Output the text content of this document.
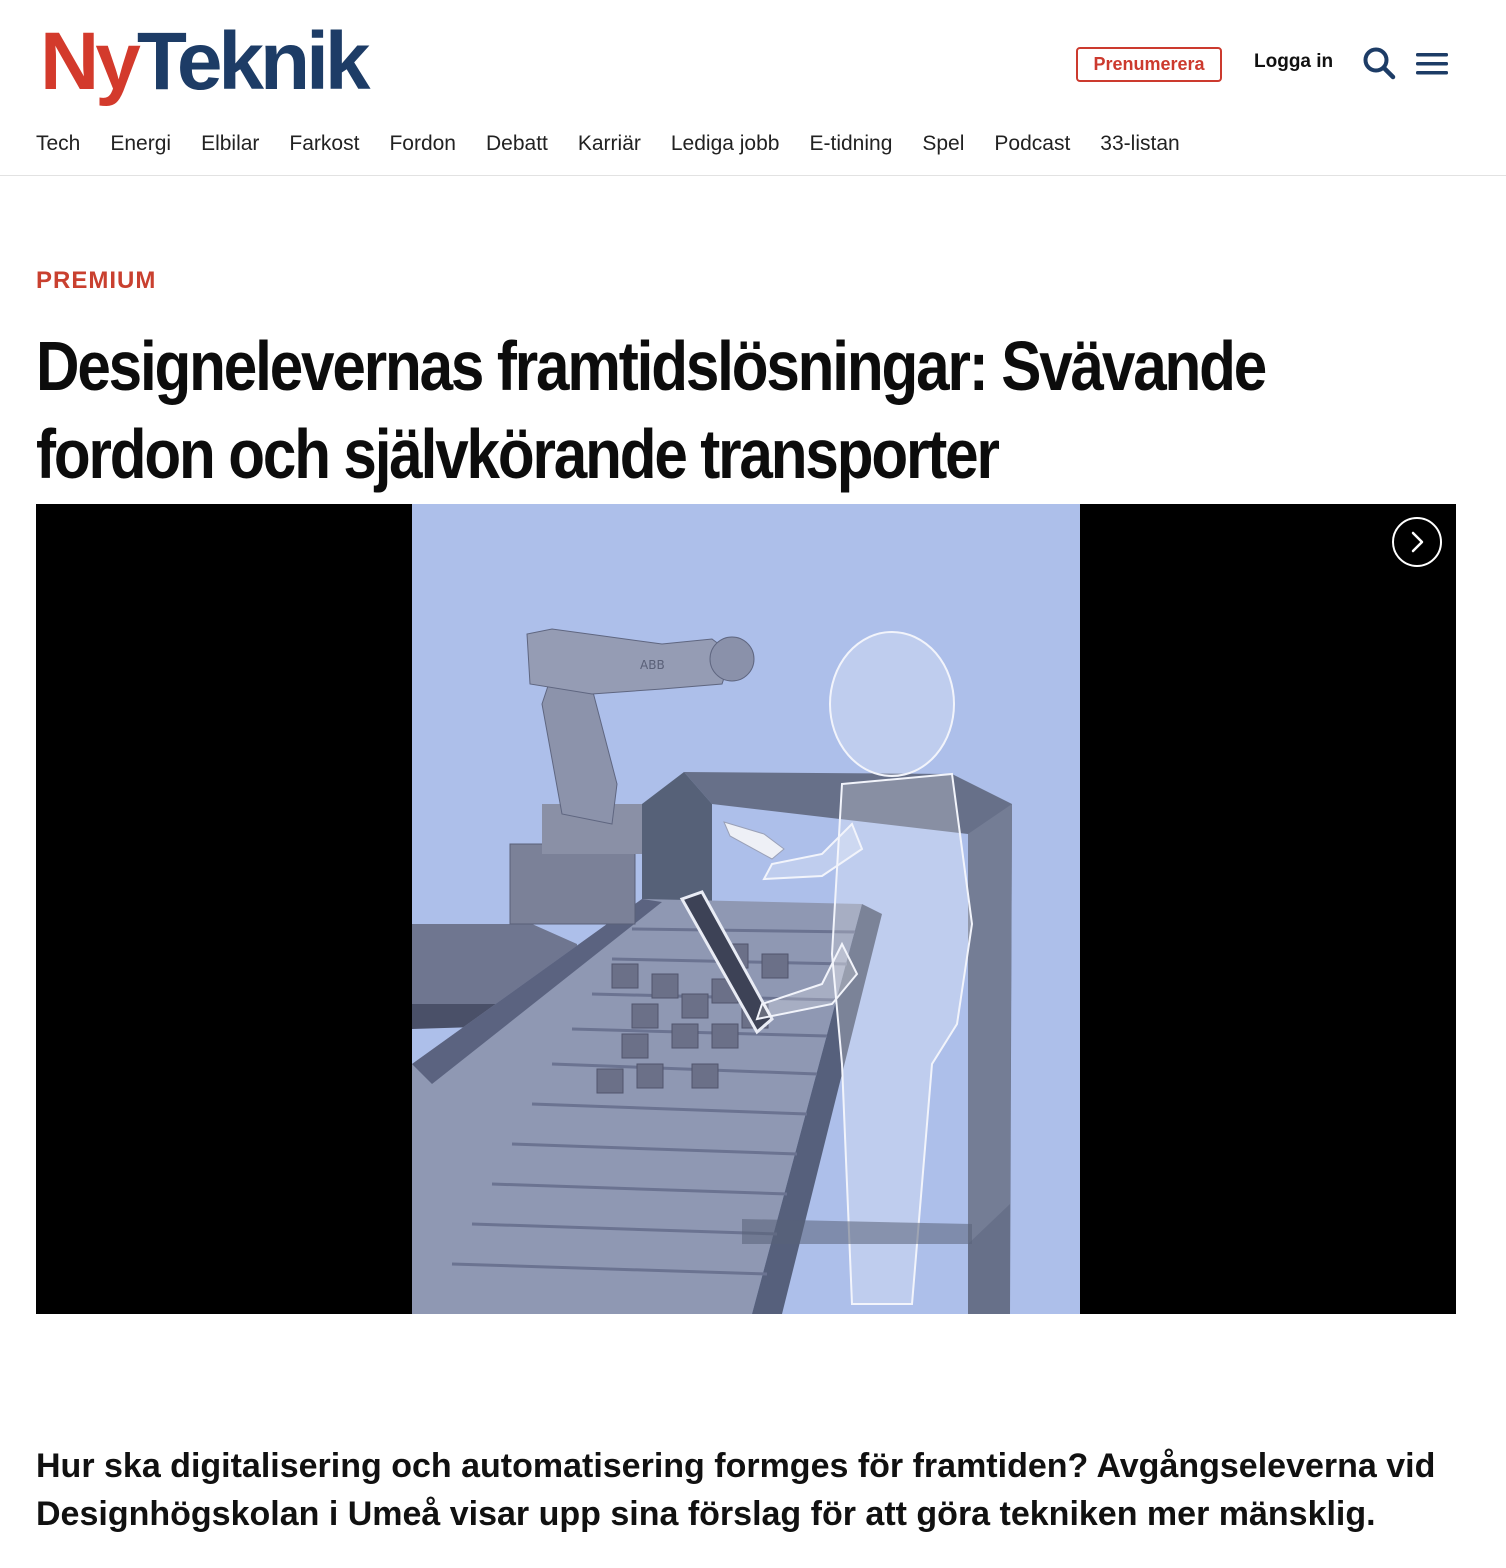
NyTeknik	Prenumerera	Logga in
Tech Energi Elbilar Farkost Fordon Debatt Karriär Lediga jobb E-tidning Spel Podcast 33-listan
PREMIUM
Designelevernas framtidslösningar: Svävande
fordon och självkörande transporter
ABB

Hur ska digitalisering och automatisering formges för framtiden? Avgångseleverna vid Designhögskolan i Umeå visar upp sina förslag för att göra tekniken mer mänsklig.
